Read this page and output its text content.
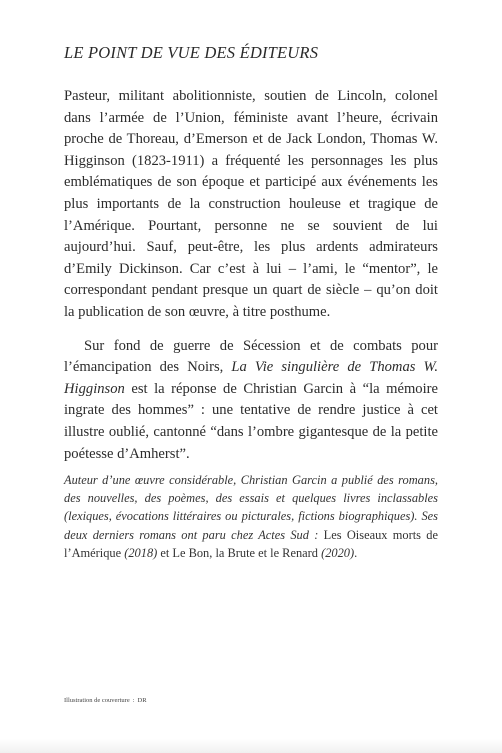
LE POINT DE VUE DES ÉDITEURS

Pasteur, militant abolitionniste, soutien de Lincoln, colonel dans l’armée de l’Union, féministe avant l’heure, écrivain proche de Thoreau, d’Emerson et de Jack London, Thomas W. Higginson (1823-1911) a fréquenté les personnages les plus emblématiques de son époque et participé aux événements les plus importants de la construction houleuse et tragique de l’Amérique. Pourtant, personne ne se souvient de lui aujourd’hui. Sauf, peut-être, les plus ardents admirateurs d’Emily Dickinson. Car c’est à lui – l’ami, le “mentor”, le correspondant pendant presque un quart de siècle – qu’on doit la publication de son œuvre, à titre posthume.

Sur fond de guerre de Sécession et de combats pour l’émancipation des Noirs, La Vie singulière de Thomas W. Higginson est la réponse de Christian Garcin à “la mémoire ingrate des hommes” : une tentative de rendre justice à cet illustre oublié, cantonné “dans l’ombre gigantesque de la petite poétesse d’Amherst”.

Auteur d’une œuvre considérable, Christian Garcin a publié des romans, des nouvelles, des poèmes, des essais et quelques livres inclassables (lexiques, évocations littéraires ou picturales, fictions biographiques). Ses deux derniers romans ont paru chez Actes Sud : Les Oiseaux morts de l’Amérique (2018) et Le Bon, la Brute et le Renard (2020).

Illustration de couverture : DR
